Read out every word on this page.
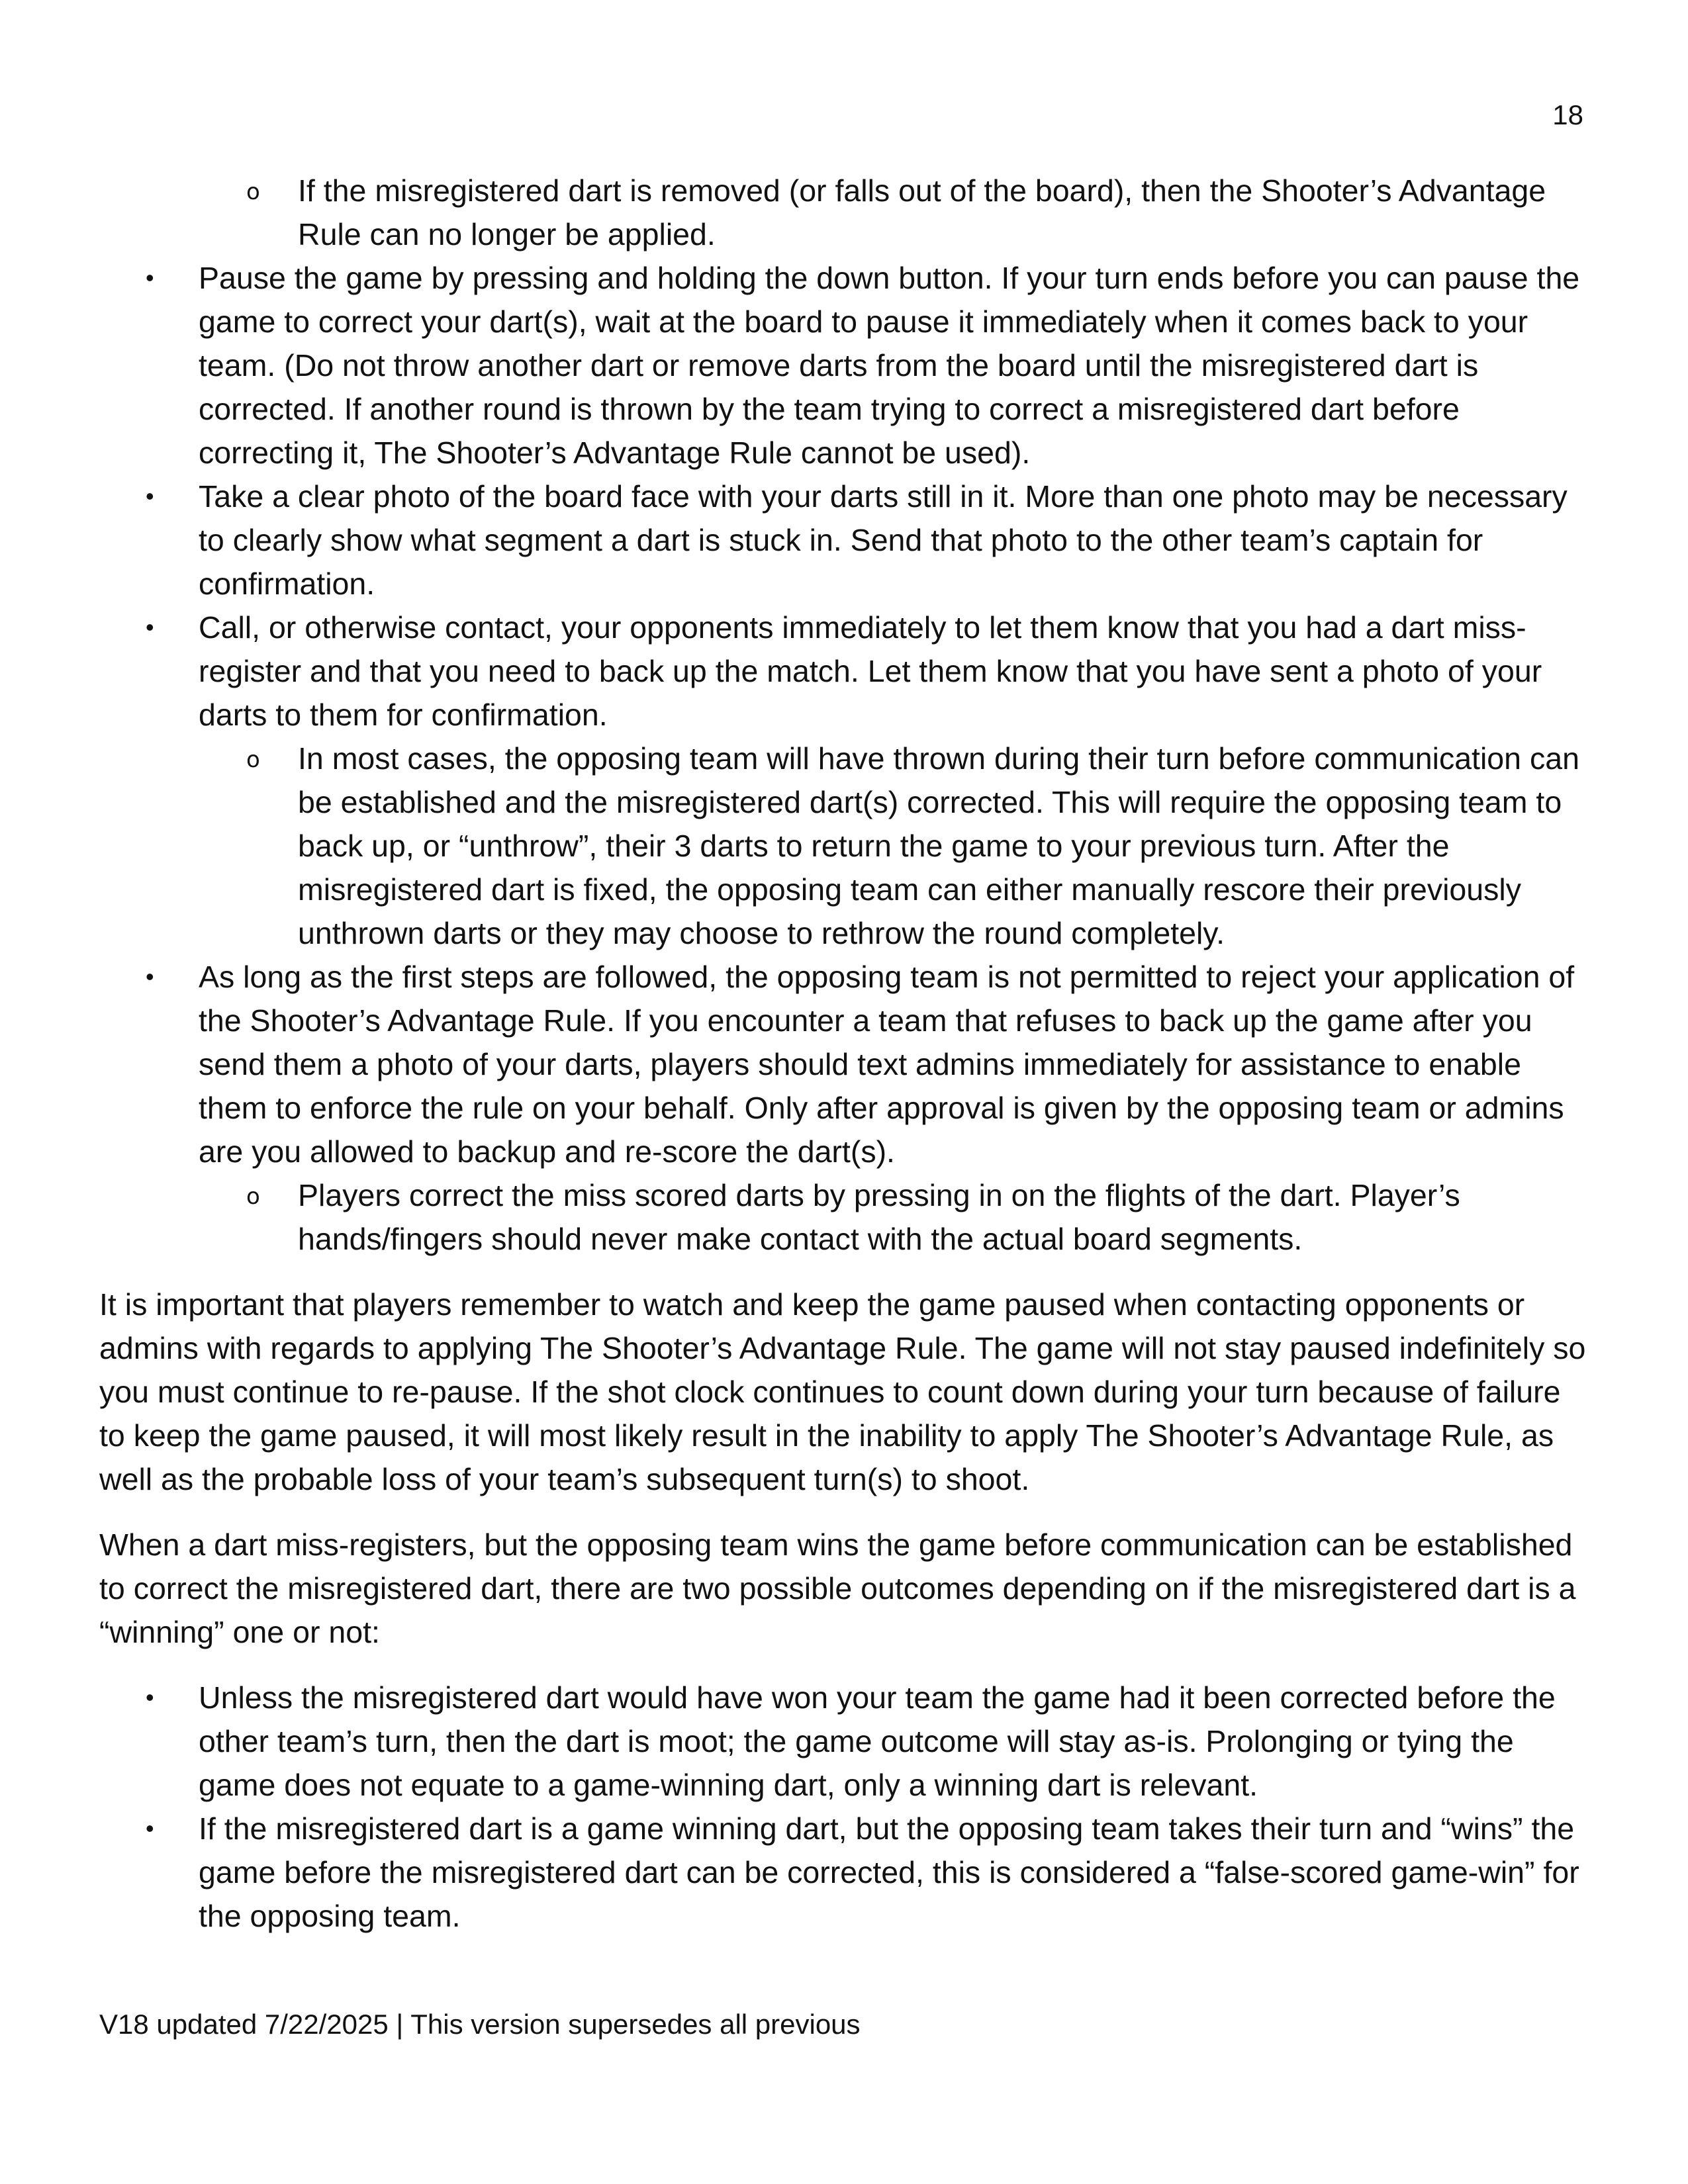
18
o If the misregistered dart is removed (or falls out of the board), then the Shooter’s Advantage Rule can no longer be applied.
• Pause the game by pressing and holding the down button. If your turn ends before you can pause the game to correct your dart(s), wait at the board to pause it immediately when it comes back to your team. (Do not throw another dart or remove darts from the board until the misregistered dart is corrected. If another round is thrown by the team trying to correct a misregistered dart before correcting it, The Shooter’s Advantage Rule cannot be used).
• Take a clear photo of the board face with your darts still in it. More than one photo may be necessary to clearly show what segment a dart is stuck in. Send that photo to the other team’s captain for confirmation.
• Call, or otherwise contact, your opponents immediately to let them know that you had a dart miss-register and that you need to back up the match. Let them know that you have sent a photo of your darts to them for confirmation.
o In most cases, the opposing team will have thrown during their turn before communication can be established and the misregistered dart(s) corrected. This will require the opposing team to back up, or “unthrow”, their 3 darts to return the game to your previous turn. After the misregistered dart is fixed, the opposing team can either manually rescore their previously unthrown darts or they may choose to rethrow the round completely.
• As long as the first steps are followed, the opposing team is not permitted to reject your application of the Shooter’s Advantage Rule. If you encounter a team that refuses to back up the game after you send them a photo of your darts, players should text admins immediately for assistance to enable them to enforce the rule on your behalf. Only after approval is given by the opposing team or admins are you allowed to backup and re-score the dart(s).
o Players correct the miss scored darts by pressing in on the flights of the dart. Player’s hands/fingers should never make contact with the actual board segments.

It is important that players remember to watch and keep the game paused when contacting opponents or admins with regards to applying The Shooter’s Advantage Rule. The game will not stay paused indefinitely so you must continue to re-pause. If the shot clock continues to count down during your turn because of failure to keep the game paused, it will most likely result in the inability to apply The Shooter’s Advantage Rule, as well as the probable loss of your team’s subsequent turn(s) to shoot.

When a dart miss-registers, but the opposing team wins the game before communication can be established to correct the misregistered dart, there are two possible outcomes depending on if the misregistered dart is a “winning” one or not:

• Unless the misregistered dart would have won your team the game had it been corrected before the other team’s turn, then the dart is moot; the game outcome will stay as-is. Prolonging or tying the game does not equate to a game-winning dart, only a winning dart is relevant.
• If the misregistered dart is a game winning dart, but the opposing team takes their turn and “wins” the game before the misregistered dart can be corrected, this is considered a “false-scored game-win” for the opposing team.
V18 updated 7/22/2025 | This version supersedes all previous
